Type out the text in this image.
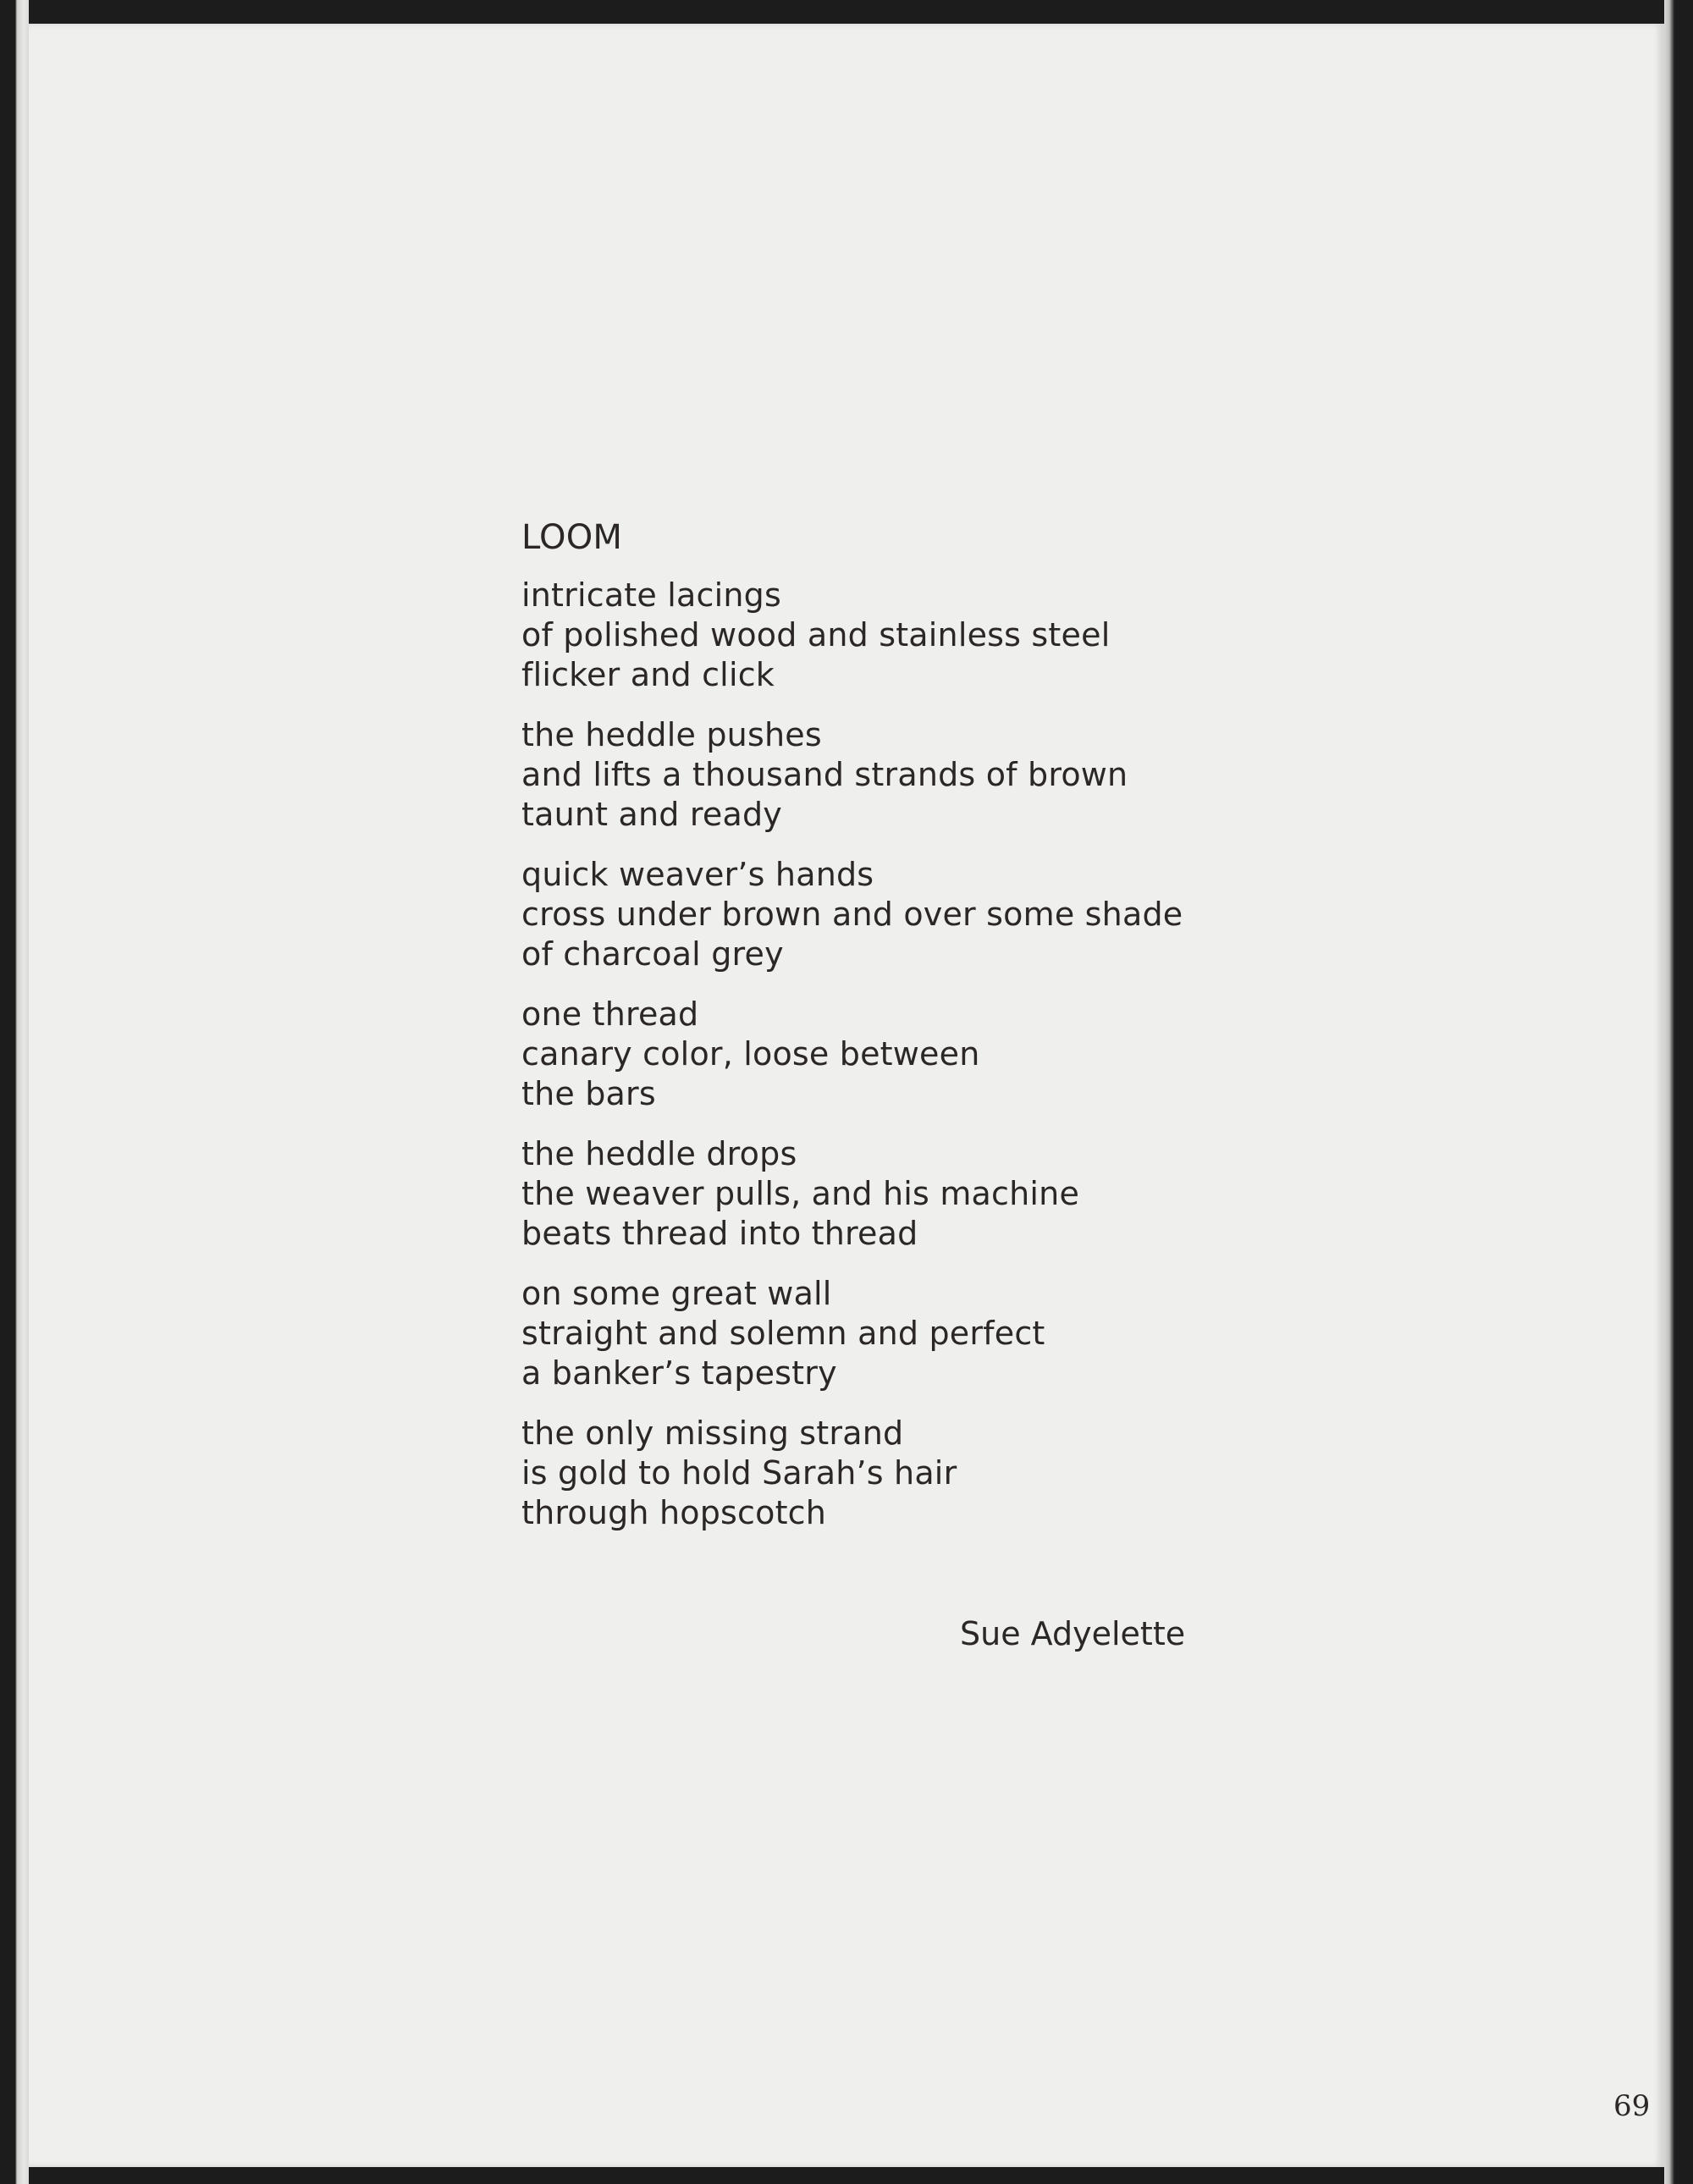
LOOM
intricate lacings
of polished wood and stainless steel
flicker and click
the heddle pushes
and lifts a thousand strands of brown
taunt and ready
quick weaver’s hands
cross under brown and over some shade
of charcoal grey
one thread
canary color, loose between
the bars
the heddle drops
the weaver pulls, and his machine
beats thread into thread
on some great wall
straight and solemn and perfect
a banker’s tapestry
the only missing strand
is gold to hold Sarah’s hair
through hopscotch
Sue Adyelette
69
